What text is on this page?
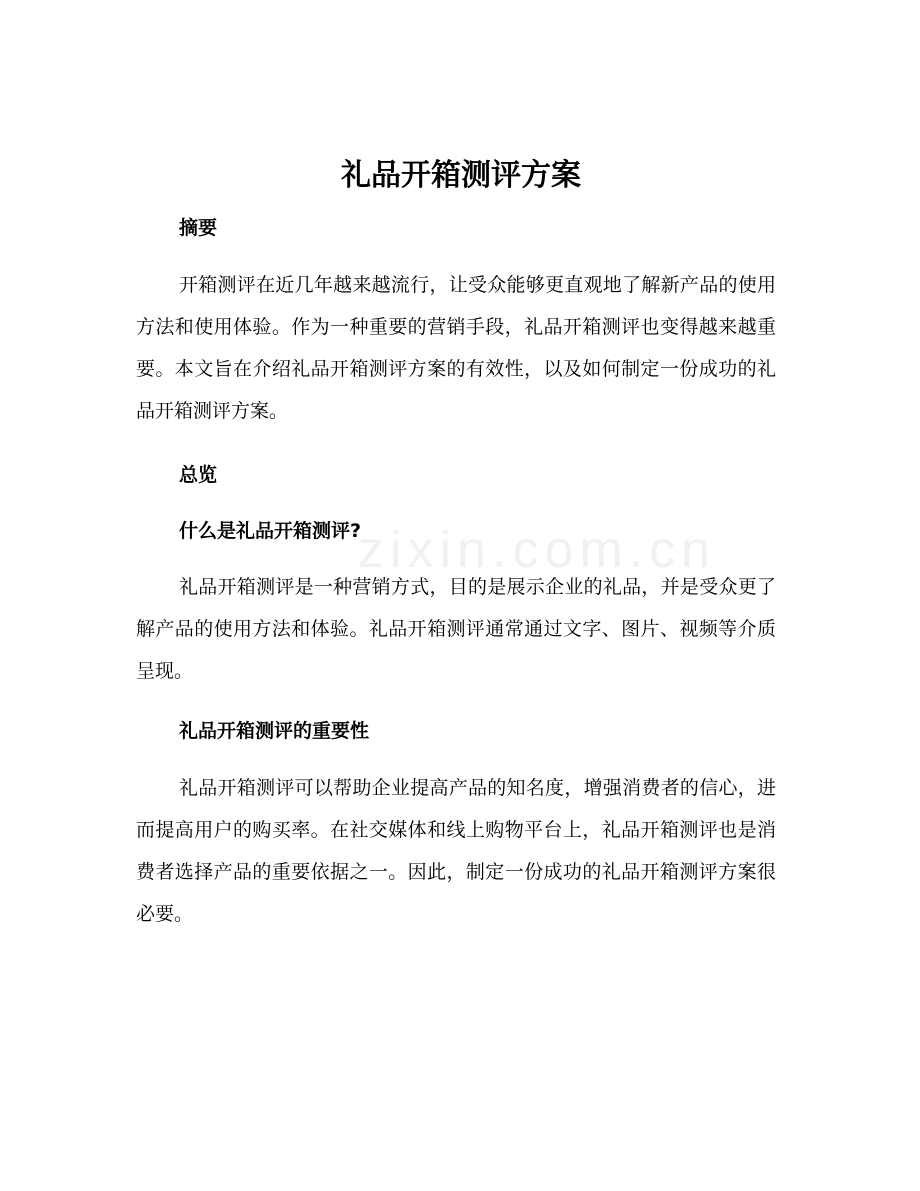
礼品开箱测评方案
摘要

开箱测评在近几年越来越流行，让受众能够更直观地了解新产品的使用方法和使用体验。作为一种重要的营销手段，礼品开箱测评也变得越来越重要。本文旨在介绍礼品开箱测评方案的有效性，以及如何制定一份成功的礼品开箱测评方案。

总览
什么是礼品开箱测评?

礼品开箱测评是一种营销方式，目的是展示企业的礼品，并是受众更了解产品的使用方法和体验。礼品开箱测评通常通过文字、图片、视频等介质呈现。

礼品开箱测评的重要性

礼品开箱测评可以帮助企业提高产品的知名度，增强消费者的信心，进而提高用户的购买率。在社交媒体和线上购物平台上，礼品开箱测评也是消费者选择产品的重要依据之一。因此，制定一份成功的礼品开箱测评方案很必要。

zixin.com.cn
